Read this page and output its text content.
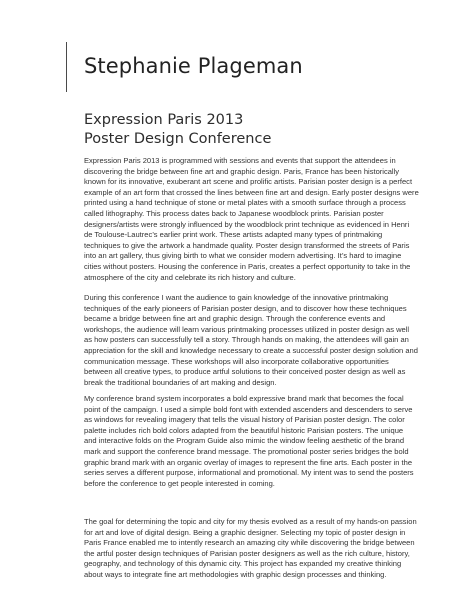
Stephanie Plageman
Expression Paris 2013
Poster Design Conference

Expression Paris 2013 is programmed with sessions and events that support the attendees in
discovering the bridge between fine art and graphic design. Paris, France has been historically
known for its innovative, exuberant art scene and prolific artists. Parisian poster design is a perfect
example of an art form that crossed the lines between fine art and design. Early poster designs were
printed using a hand technique of stone or metal plates with a smooth surface through a process
called lithography. This process dates back to Japanese woodblock prints. Parisian poster
designers/artists were strongly influenced by the woodblock print technique as evidenced in Henri
de Toulouse-Lautrec’s earlier print work. These artists adapted many types of printmaking
techniques to give the artwork a handmade quality. Poster design transformed the streets of Paris
into an art gallery, thus giving birth to what we consider modern advertising. It’s hard to imagine
cities without posters. Housing the conference in Paris, creates a perfect opportunity to take in the
atmosphere of the city and celebrate its rich history and culture.

During this conference I want the audience to gain knowledge of the innovative printmaking
techniques of the early pioneers of Parisian poster design, and to discover how these techniques
became a bridge between fine art and graphic design. Through the conference events and
workshops, the audience will learn various printmaking processes utilized in poster design as well
as how posters can successfully tell a story. Through hands on making, the attendees will gain an
appreciation for the skill and knowledge necessary to create a successful poster design solution and
communication message. These workshops will also incorporate collaborative opportunities
between all creative types, to produce artful solutions to their conceived poster design as well as
break the traditional boundaries of art making and design.

My conference brand system incorporates a bold expressive brand mark that becomes the focal
point of the campaign. I used a simple bold font with extended ascenders and descenders to serve
as windows for revealing imagery that tells the visual history of Parisian poster design. The color
palette includes rich bold colors adapted from the beautiful historic Parisian posters. The unique
and interactive folds on the Program Guide also mimic the window feeling aesthetic of the brand
mark and support the conference brand message. The promotional poster series bridges the bold
graphic brand mark with an organic overlay of images to represent the fine arts. Each poster in the
series serves a different purpose, informational and promotional. My intent was to send the posters
before the conference to get people interested in coming.

The goal for determining the topic and city for my thesis evolved as a result of my hands-on passion
for art and love of digital design. Being a graphic designer. Selecting my topic of poster design in
Paris France enabled me to intently research an amazing city while discovering the bridge between
the artful poster design techniques of Parisian poster designers as well as the rich culture, history,
geography, and technology of this dynamic city. This project has expanded my creative thinking
about ways to integrate fine art methodologies with graphic design processes and thinking.
